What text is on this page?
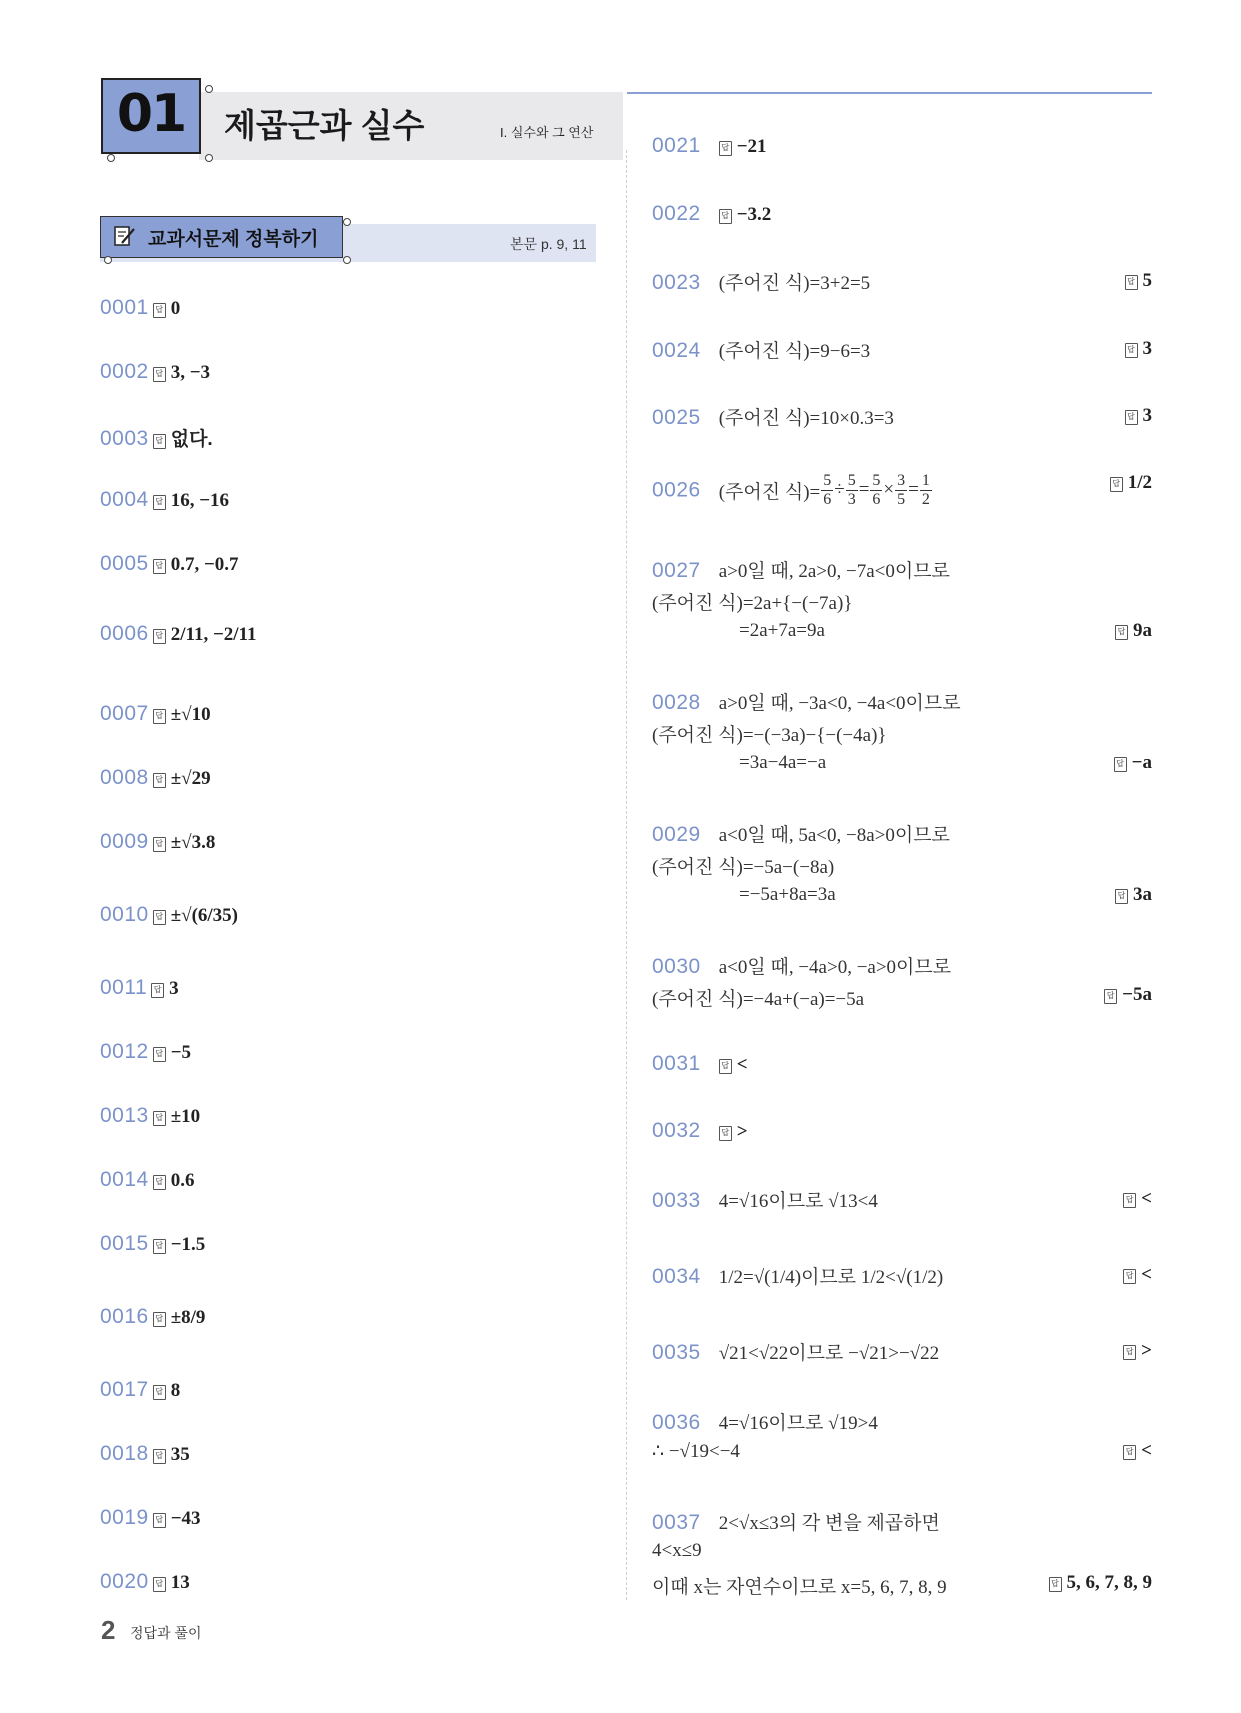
01	제곱근과 실수	I. 실수와 그 연산
교과서문제 정복하기	본문 p. 9, 11
0001 답 0
0002 답 3, −3
0003 답 없다.
0004 답 16, −16
0005 답 0.7, −0.7
0006 답 2/11, −2/11
0007 답 ±√10
0008 답 ±√29
0009 답 ±√3.8
0010 답 ±√(6/35)
0011 답 3
0012 답 −5
0013 답 ±10
0014 답 0.6
0015 답 −1.5
0016 답 ±8/9
0017 답 8
0018 답 35
0019 답 −43
0020 답 13
0021	답 −21
0022	답 −3.2
0023 (주어진 식)=3+2=5	답 5
0024 (주어진 식)=9−6=3	답 3
0025 (주어진 식)=10×0.3=3	답 3
0026 (주어진 식)= $\frac{5}{6} \div \frac{5}{3} = \frac{5}{6} \times \frac{3}{5} = \frac{1}{2}$	답 1/2
0027 a>0일 때, 2a>0, −7a<0이므로
(주어진 식)=2a+{−(−7a)}
=2a+7a=9a	답 9a
0028 a>0일 때, −3a<0, −4a<0이므로
(주어진 식)=−(−3a)−{−(−4a)}
=3a−4a=−a	답 −a
0029 a<0일 때, 5a<0, −8a>0이므로
(주어진 식)=−5a−(−8a)
=−5a+8a=3a	답 3a
0030 a<0일 때, −4a>0, −a>0이므로
(주어진 식)=−4a+(−a)=−5a	답 −5a
0031	답 <
0032	답 >
0033 4=√16이므로 √13<4	답 <
0034 1/2=√(1/4)이므로 1/2<√(1/2)	답 <
0035 √21<√22이므로 −√21>−√22	답 >
0036 4=√16이므로 √19>4
∴ −√19<−4	답 <
0037 2<√x≤3의 각 변을 제곱하면
4<x≤9
이때 x는 자연수이므로 x=5, 6, 7, 8, 9	답 5, 6, 7, 8, 9
2 정답과 풀이
